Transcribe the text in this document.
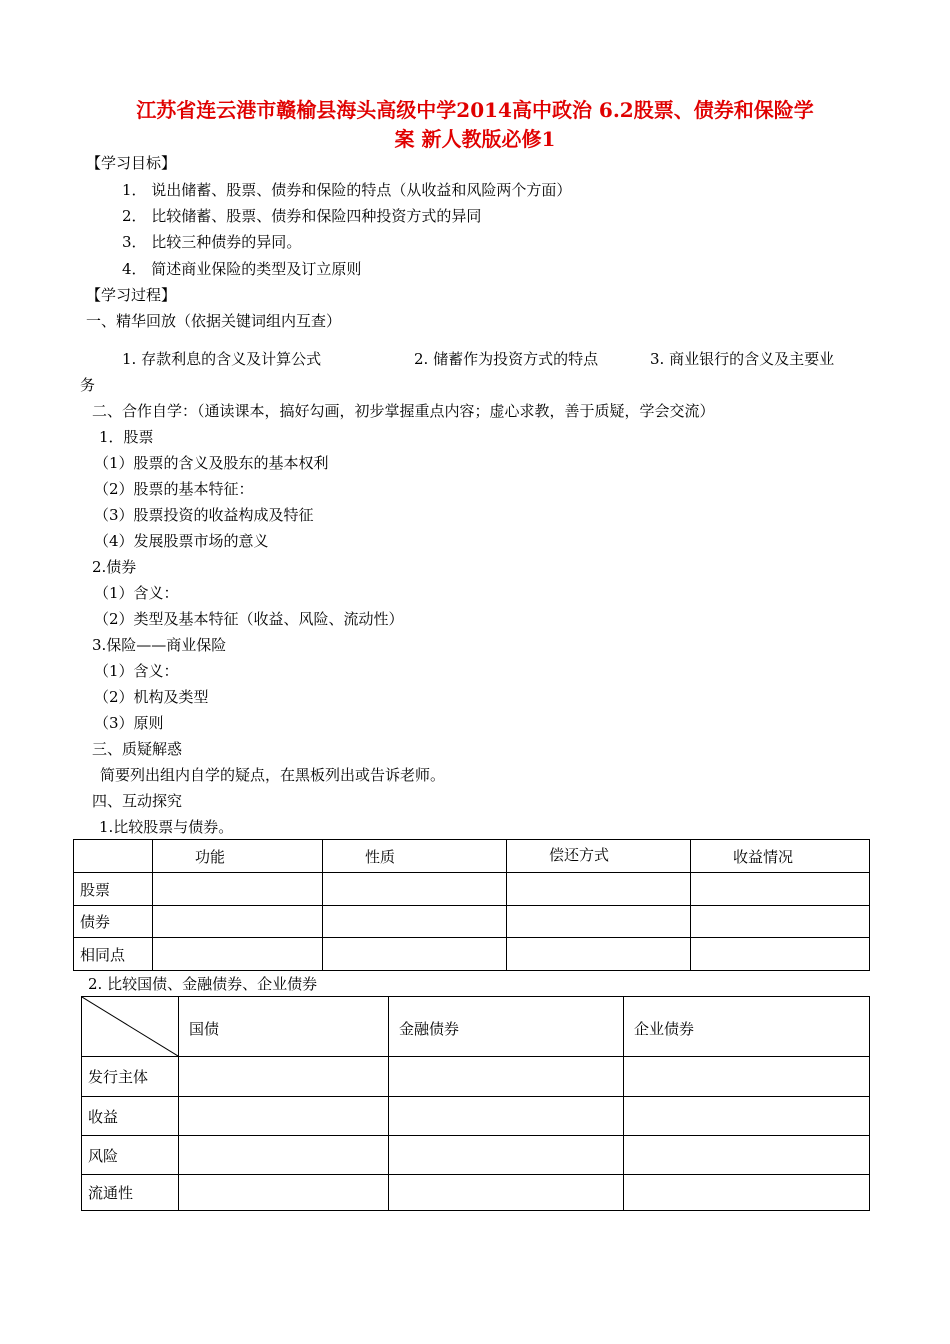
江苏省连云港市赣榆县海头高级中学2014高中政治 6.2股票、债券和保险学
案 新人教版必修1
【学习目标】
1． 说出储蓄、股票、债券和保险的特点（从收益和风险两个方面）
2． 比较储蓄、股票、债券和保险四种投资方式的异同
3． 比较三种债券的异同。
4． 简述商业保险的类型及订立原则
【学习过程】
一、精华回放（依据关键词组内互查）
1. 存款利息的含义及计算公式	2. 储蓄作为投资方式的特点	3. 商业银行的含义及主要业
务
二、合作自学：（通读课本，搞好勾画，初步掌握重点内容；虚心求教，善于质疑，学会交流）
1．股票
（1）股票的含义及股东的基本权利
（2）股票的基本特征：
（3）股票投资的收益构成及特征
（4）发展股票市场的意义
2.债券
（1）含义：
（2）类型及基本特征（收益、风险、流动性）
3.保险——商业保险
（1）含义：
（2）机构及类型
（3）原则
三、质疑解惑
简要列出组内自学的疑点，在黑板列出或告诉老师。
四、互动探究
1.比较股票与债券。
	功能	性质	偿还方式	收益情况
股票				
债券				
相同点				
2. 比较国债、金融债券、企业债券
	国债	金融债券	企业债券
发行主体			
收益			
风险			
流通性			
